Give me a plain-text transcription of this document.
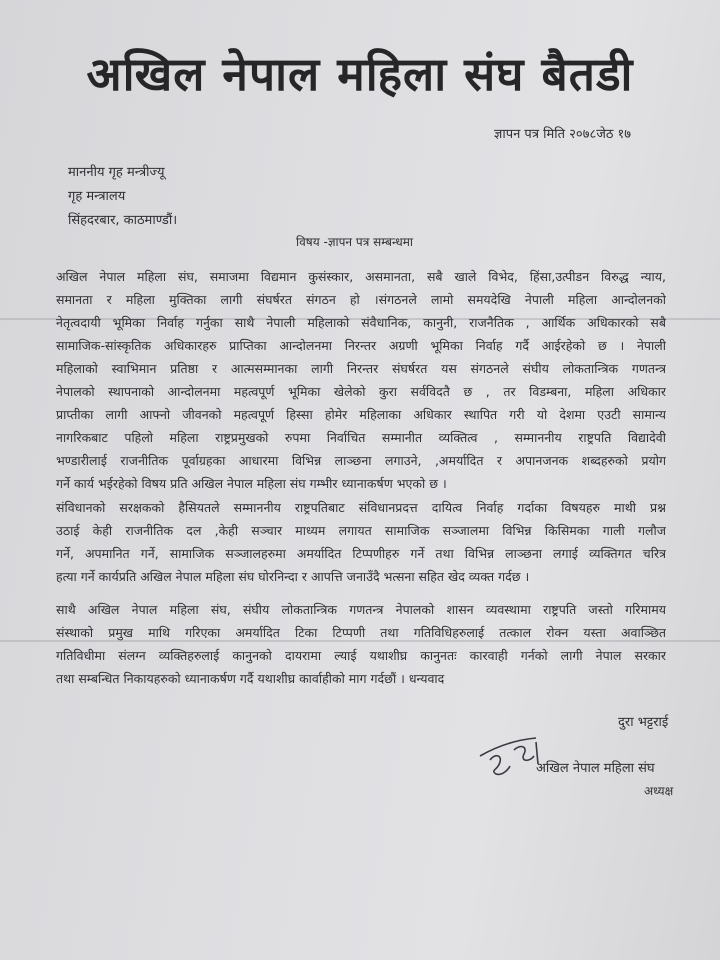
अखिल नेपाल महिला संघ बैतडी
ज्ञापन पत्र मिति २०७८जेठ १७
माननीय गृह मन्त्रीज्यू
गृह मन्त्रालय
सिंहदरबार, काठमाण्डौं।
विषय -ज्ञापन पत्र सम्बन्धमा
अखिल नेपाल महिला संघ, समाजमा विद्यमान कुसंस्कार, असमानता, सबै खाले विभेद, हिंसा,उत्पीडन विरुद्ध न्याय,
समानता र महिला मुक्तिका लागी संघर्षरत संगठन हो ।संगठनले लामो समयदेखि नेपाली महिला आन्दोलनको
नेतृत्वदायी भूमिका निर्वाह गर्नुका साथै नेपाली महिलाको संवैधानिक, कानुनी, राजनैतिक , आर्थिक अधिकारको सबै
सामाजिक-सांस्कृतिक अधिकारहरु प्राप्तिका आन्दोलनमा निरन्तर अग्रणी भूमिका निर्वाह गर्दै आईरहेको छ । नेपाली
महिलाको स्वाभिमान प्रतिष्ठा र आत्मसम्मानका लागी निरन्तर संघर्षरत यस संगठनले संघीय लोकतान्त्रिक गणतन्त्र
नेपालको स्थापनाको आन्दोलनमा महत्वपूर्ण भूमिका खेलेको कुरा सर्वविदतै छ , तर विडम्बना, महिला अधिकार
प्राप्तीका लागी आफ्नो जीवनको महत्वपूर्ण हिस्सा होमेर महिलाका अधिकार स्थापित गरी यो देशमा एउटी सामान्य
नागरिकबाट पहिलो महिला राष्ट्रप्रमुखको रुपमा निर्वाचित सम्मानीत व्यक्तित्व , सम्माननीय राष्ट्रपति विद्यादेवी
भण्डारीलाई राजनीतिक पूर्वाग्रहका आधारमा विभिन्न लाञ्छना लगाउने, ,अमर्यादित र अपानजनक शब्दहरुको प्रयोग
गर्ने कार्य भईरहेको विषय प्रति अखिल नेपाल महिला संघ गम्भीर ध्यानाकर्षण भएको छ ।
संविधानको सरक्षकको हैसियतले सम्माननीय राष्ट्रपतिबाट संविधानप्रदत्त दायित्व निर्वाह गर्दाका विषयहरु माथी प्रश्न
उठाई केही राजनीतिक दल ,केही सञ्चार माध्यम लगायत सामाजिक सञ्जालमा विभिन्न किसिमका गाली गलौज
गर्ने, अपमानित गर्ने, सामाजिक सञ्जालहरुमा अमर्यादित टिप्पणीहरु गर्ने तथा विभिन्न लाञ्छना लगाई व्यक्तिगत चरित्र
हत्या गर्ने कार्यप्रति अखिल नेपाल महिला संघ घोरनिन्दा र आपत्ति जनाउँदै भत्सना सहित खेद व्यक्त गर्दछ ।
साथै अखिल नेपाल महिला संघ, संघीय लोकतान्त्रिक गणतन्त्र नेपालको शासन व्यवस्थामा राष्ट्रपति जस्तो गरिमामय
संस्थाको प्रमुख माथि गरिएका अमर्यादित टिका टिप्पणी तथा गतिविधिहरुलाई तत्काल रोक्न यस्ता अवाञ्छित
गतिविधीमा संलग्न व्यक्तिहरुलाई कानुनको दायरामा ल्याई यथाशीघ्र कानुनतः कारवाही गर्नको लागी नेपाल सरकार
तथा सम्बन्धित निकायहरुको ध्यानाकर्षण गर्दै यथाशीघ्र कार्वाहीको माग गर्दछौं । धन्यवाद
दुरा भट्टराई
अखिल नेपाल महिला संघ
अध्यक्ष
